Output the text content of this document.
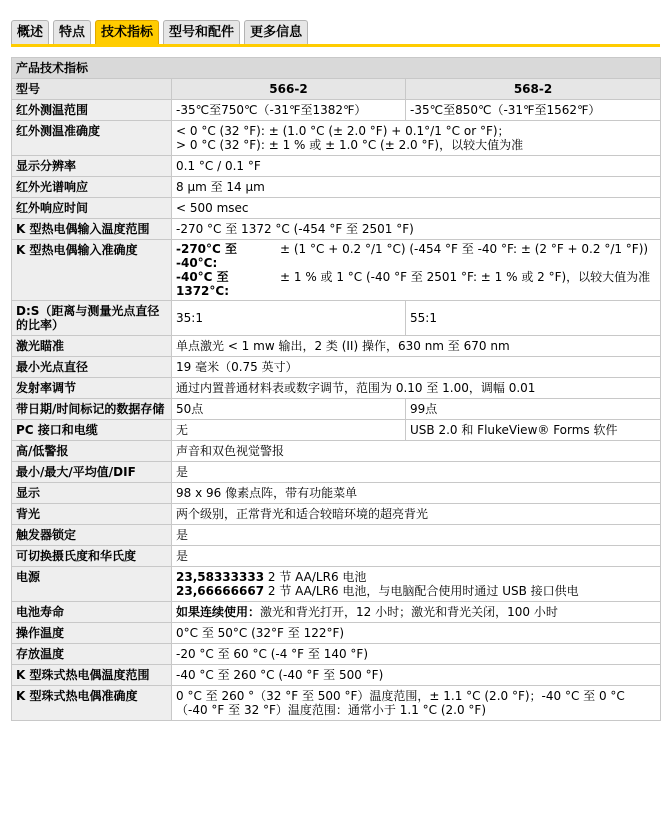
概述	特点	技术指标	型号和配件	更多信息
产品技术指标
型号	566-2	568-2
红外测温范围	-35℃至750℃（-31℉至1382℉）	-35℃至850℃（-31℉至1562℉）
红外测温准确度	< 0 °C (32 °F): ± (1.0 °C (± 2.0 °F) + 0.1°/1 °C or °F)；
> 0 °C (32 °F): ± 1 % 或 ± 1.0 °C (± 2.0 °F)，以较大值为准

显示分辨率	0.1 °C / 0.1 °F
红外光谱响应	8 μm 至 14 μm
红外响应时间	< 500 msec
K 型热电偶输入温度范围	-270 °C 至 1372 °C (-454 °F 至 2501 °F)
K 型热电偶输入准确度		-270°C 至 -40°C:	± (1 °C + 0.2 °/1 °C) (-454 °F 至 -40 °F: ± (2 °F + 0.2 °/1 °F))
-40°C 至 1372°C:	± 1 % 或 1 °C (-40 °F 至 2501 °F: ± 1 % 或 2 °F)，以较大值为准

D:S（距离与测量光点直径的比率）	35:1	55:1
激光瞄准	单点激光 < 1 mw 输出，2 类 (II) 操作，630 nm 至 670 nm
最小光点直径	19 毫米（0.75 英寸）
发射率调节	通过内置普通材料表或数字调节，范围为 0.10 至 1.00，调幅 0.01
带日期/时间标记的数据存储	50点	99点
PC 接口和电缆	无	USB 2.0 和 FlukeView® Forms 软件
高/低警报	声音和双色视觉警报
最小/最大/平均值/DIF	是
显示	98 x 96 像素点阵，带有功能菜单
背光	两个级别，正常背光和适合较暗环境的超亮背光
触发器锁定	是
可切换摄氏度和华氏度	是
电源	23,58333333 2 节 AA/LR6 电池
23,66666667 2 节 AA/LR6 电池，与电脑配合使用时通过 USB 接口供电

电池寿命	如果连续使用：激光和背光打开，12 小时；激光和背光关闭，100 小时
操作温度	0°C 至 50°C (32°F 至 122°F)
存放温度	-20 °C 至 60 °C (-4 °F 至 140 °F)
K 型珠式热电偶温度范围	-40 °C 至 260 °C (-40 °F 至 500 °F)
K 型珠式热电偶准确度	0 °C 至 260 °（32 °F 至 500 °F）温度范围，± 1.1 °C (2.0 °F)；-40 °C 至 0 °C（-40 °F 至 32 °F）温度范围：通常小于 1.1 °C (2.0 °F)
